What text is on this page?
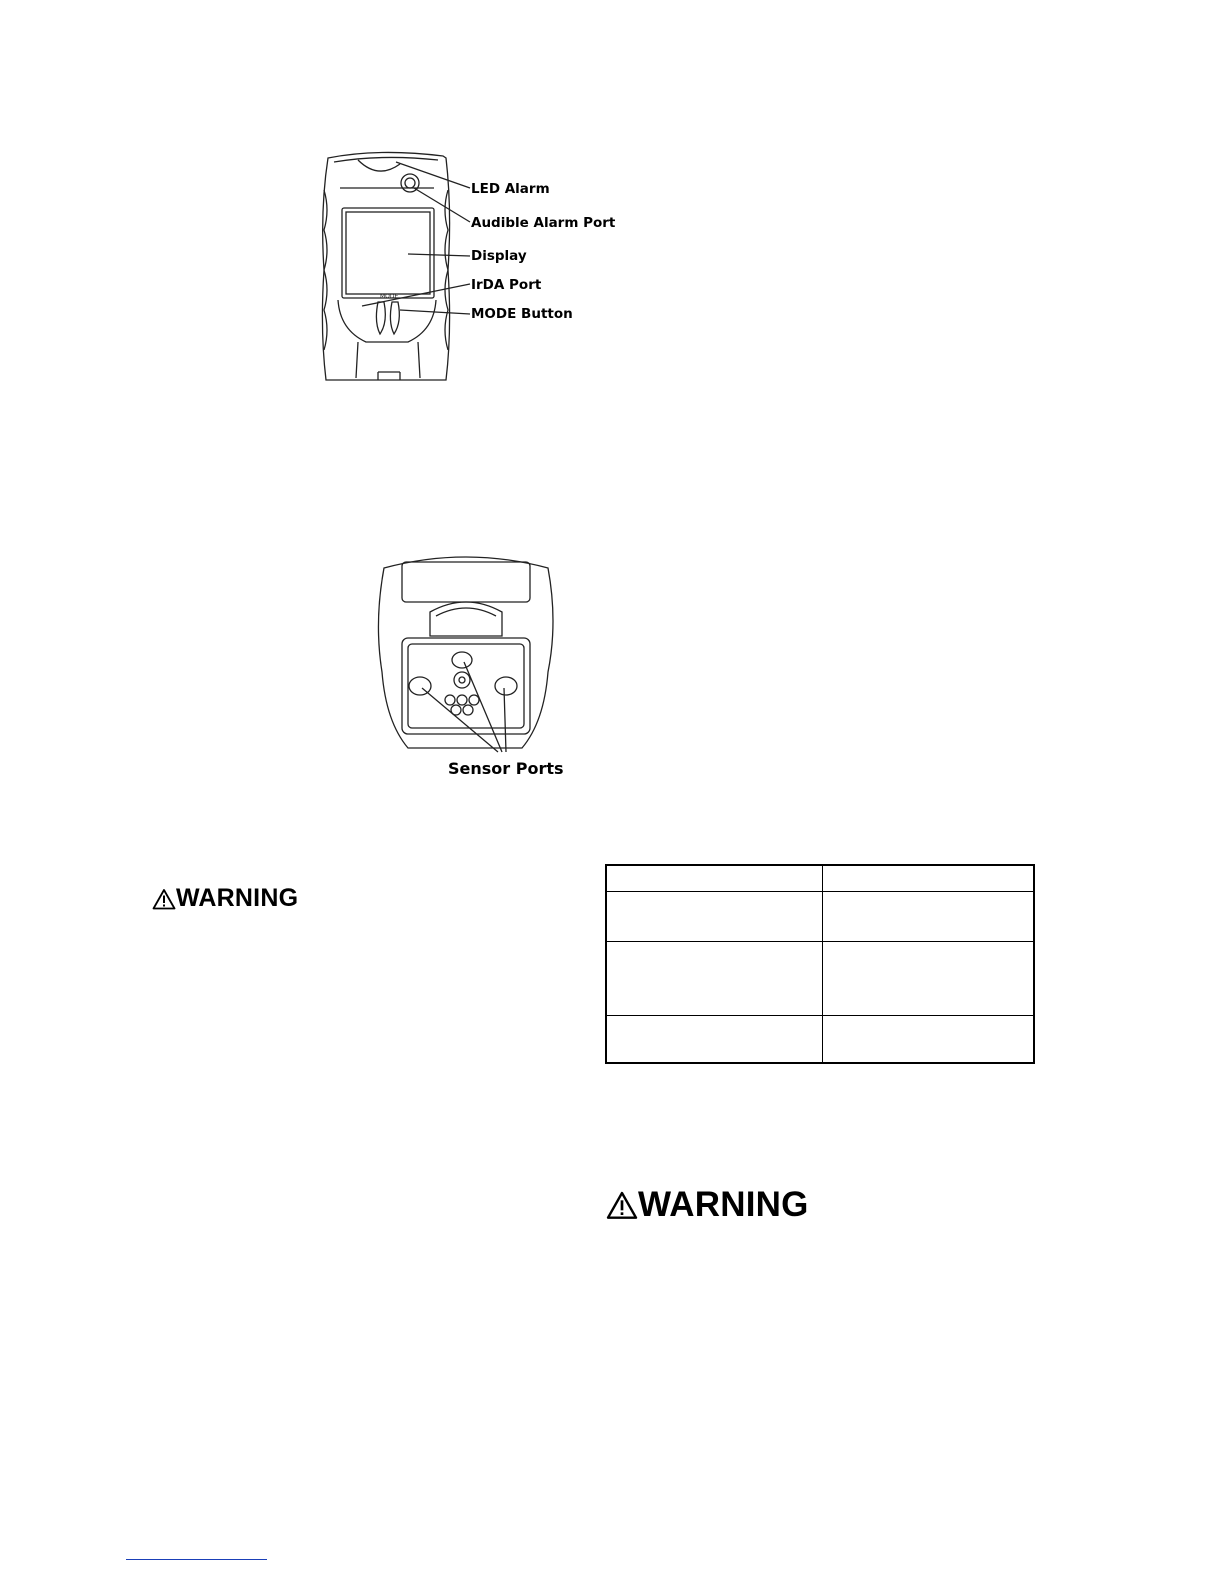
MODE
LED Alarm
Audible Alarm Port
Display
IrDA Port
MODE Button
Sensor Ports
WARNING

WARNING
